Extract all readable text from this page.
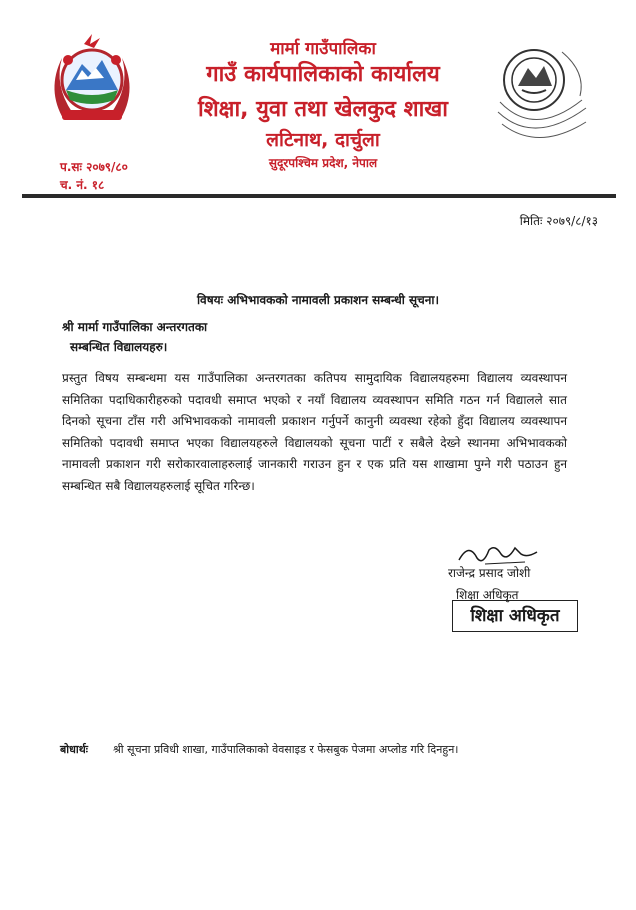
मार्मा गाउँपालिका
गाउँ कार्यपालिकाको कार्यालय
शिक्षा, युवा तथा खेलकुद शाखा
लटिनाथ, दार्चुला
सुदूरपश्चिम प्रदेश, नेपाल
प.सः २०७९/८०
च. नं. १८
मितिः २०७९/८/१३
विषयः अभिभावकको नामावली प्रकाशन सम्बन्धी सूचना।
श्री मार्मा गाउँपालिका अन्तरगतका
सम्बन्धित विद्यालयहरु।
प्रस्तुत विषय सम्बन्धमा यस गाउँपालिका अन्तरगतका कतिपय सामुदायिक विद्यालयहरुमा विद्यालय व्यवस्थापन समितिका पदाधिकारीहरुको पदावधी समाप्त भएको र नयाँ विद्यालय व्यवस्थापन समिति गठन गर्न विद्यालले सात दिनको सूचना टाँस गरी अभिभावकको नामावली प्रकाशन गर्नुपर्ने कानुनी व्यवस्था रहेको हुँदा विद्यालय व्यवस्थापन समितिको पदावधी समाप्त भएका विद्यालयहरुले विद्यालयको सूचना पाटीं र सबैले देख्ने स्थानमा अभिभावकको नामावली प्रकाशन गरी सरोकारवालाहरुलाई जानकारी गराउन हुन र एक प्रति यस शाखामा पुग्ने गरी पठाउन हुन सम्बन्धित सबै विद्यालयहरुलाई सूचित गरिन्छ।
राजेन्द्र प्रसाद जोशी
शिक्षा अधिकृत
शिक्षा अधिकृत
बोधार्थः श्री सूचना प्रविधी शाखा, गाउँपालिकाको वेवसाइड र फेसबुक पेजमा अप्लोड गरि दिनहुन।
